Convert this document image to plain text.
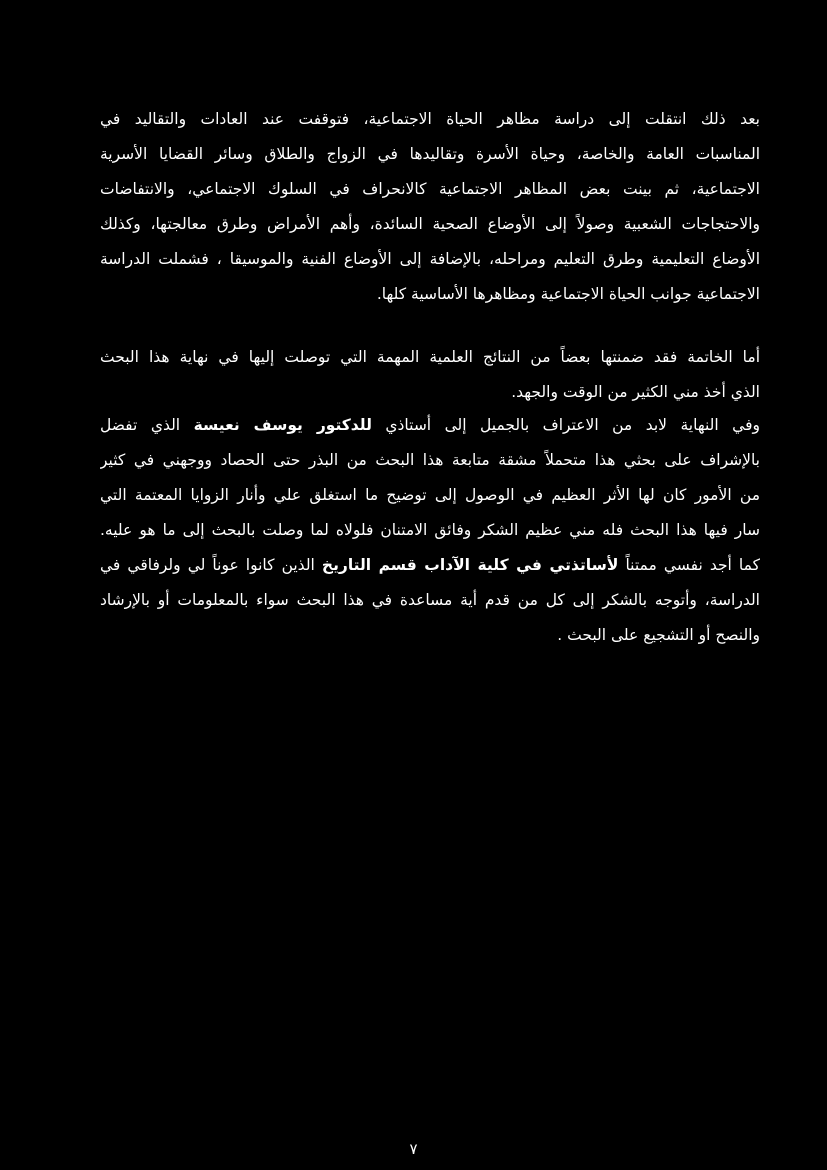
بعد ذلك انتقلت إلى دراسة مظاهر الحياة الاجتماعية، فتوقفت عند العادات والتقاليد في
المناسبات العامة والخاصة، وحياة الأسرة وتقاليدها في الزواج والطلاق وسائر القضايا الأسرية
الاجتماعية، ثم بينت بعض المظاهر الاجتماعية كالانحراف في السلوك الاجتماعي، والانتفاضات
والاحتجاجات الشعبية وصولاً إلى الأوضاع الصحية السائدة، وأهم الأمراض وطرق معالجتها، وكذلك
الأوضاع التعليمية وطرق التعليم ومراحله، بالإضافة إلى الأوضاع الفنية والموسيقا ، فشملت الدراسة
الاجتماعية جوانب الحياة الاجتماعية ومظاهرها الأساسية كلها.
أما الخاتمة فقد ضمنتها بعضاً من النتائج العلمية المهمة التي توصلت إليها في نهاية هذا البحث
الذي أخذ مني الكثير من الوقت والجهد.
وفي النهاية لابد من الاعتراف بالجميل إلى أستاذي للدكتور يوسف نعيسة الذي تفضل
بالإشراف على بحثي هذا متحملاً مشقة متابعة هذا البحث من البذر حتى الحصاد ووجهني في كثير
من الأمور كان لها الأثر العظيم في الوصول إلى توضيح ما استغلق علي وأنار الزوايا المعتمة التي
سار فيها هذا البحث فله مني عظيم الشكر وفائق الامتنان فلولاه لما وصلت بالبحث إلى ما هو عليه.
كما أجد نفسي ممتناً لأساتذتي في كلية الآداب قسم التاريخ الذين كانوا عوناً لي ولرفاقي في
الدراسة، وأتوجه بالشكر إلى كل من قدم أية مساعدة في هذا البحث سواء بالمعلومات أو بالإرشاد
والنصح أو التشجيع على البحث .
٧
